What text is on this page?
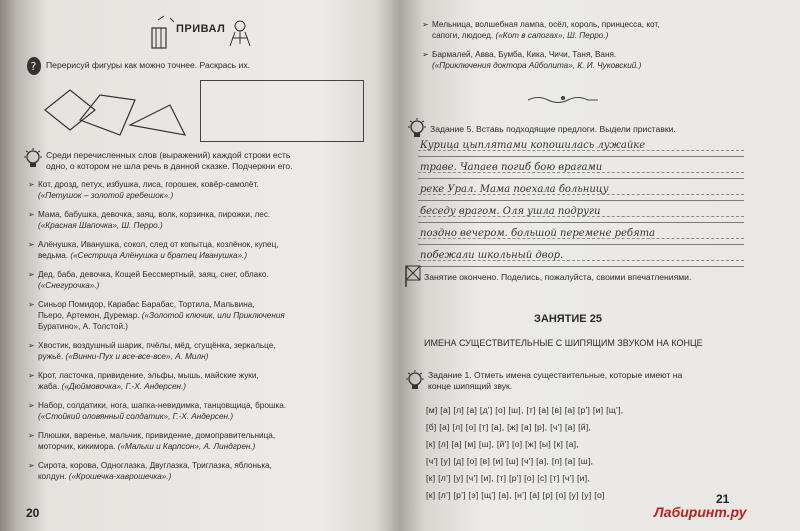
ПРИВАЛ
? Перерисуй фигуры как можно точнее. Раскрась их.
Среди перечисленных слов (выражений) каждой строки есть
одно, о котором не шла речь в данной сказке. Подчеркни его.
➢ Кот, дрозд, петух, избушка, лиса, горошек, ковёр-самолёт.
(«Петушок – золотой гребешок».)
➢ Мама, бабушка, девочка, заяц, волк, корзинка, пирожки, лес.
(«Красная Шапочка», Ш. Перро.)
➢ Алёнушка, Иванушка, сокол, след от копытца, козлёнок, купец,
ведьма. («Сестрица Алёнушка и братец Иванушка».)
➢ Дед, баба, девочка, Кощей Бессмертный, заяц, снег, облако.
(«Снегурочка».)
➢ Синьор Помидор, Карабас Барабас, Тортила, Мальвина,
Пьеро, Артемон, Дуремар. («Золотой ключик, или Приключения
Буратино», А. Толстой.)
➢ Хвостик, воздушный шарик, пчёлы, мёд, сгущёнка, зеркальце,
ружьё. («Винни-Пух и все-все-все», А. Милн)
➢ Крот, ласточка, привидение, эльфы, мышь, майские жуки,
жаба. («Дюймовочка», Г.-Х. Андерсен.)
➢ Набор, солдатики, нога, шапка-невидимка, танцовщица, брошка.
(«Стойкий оловянный солдатик», Г.-Х. Андерсен.)
➢ Плюшки, варенье, мальчик, привидение, домоправительница,
моторчик, кикимора. («Малыш и Карлсон», А. Линдгрен.)
➢ Сирота, корова, Одноглазка, Двуглазка, Триглазка, яблонька,
колдун. («Крошечка-хаврошечка».)
20
➢ Мельница, волшебная лампа, осёл, король, принцесса, кот,
сапоги, людоед. («Кот в сапогах», Ш. Перро.)
➢ Бармалей, Авва, Бумба, Кика, Чичи, Таня, Ваня.
(«Приключения доктора Айболита», К. И. Чуковский.)
Задание 5. Вставь подходящие предлоги. Выдели приставки.
Курица цыплятами копошилась лужайке
траве. Чапаев погиб бою врагами
реке Урал. Мама поехала больницу
беседу врагом. Оля ушла подруги
поздно вечером. большой перемене ребята
побежали школьный двор.
Занятие окончено. Поделись, пожалуйста, своими впечатлениями.
ЗАНЯТИЕ 25
ИМЕНА СУЩЕСТВИТЕЛЬНЫЕ С ШИПЯЩИМ ЗВУКОМ НА КОНЦЕ
Задание 1. Отметь имена существительные, которые имеют на
конце шипящий звук.
[м] [а] [л] [а] [д'] [о] [ш], [т] [а] [в] [а] [р'] [и] [щ'],
[б] [а] [л] [о] [т] [а], [ж] [а] [р], [ч'] [а] [й],
[к] [л] [а] [м] [ш], [й'] [о] [ж] [ы] [к] [а],
[ч'] [у] [д] [о] [в] [и] [ш] [ч'] [а], [п] [а] [ш],
[к] [л'] [у] [ч'] [и], [т] [р'] [о] [с] [т] [ч'] [и],
[к] [л'] [р'] [э] [щ'] [а], [н'] [а] [р] [о] [у] [у] [о]	21
Лабиринт.ру
